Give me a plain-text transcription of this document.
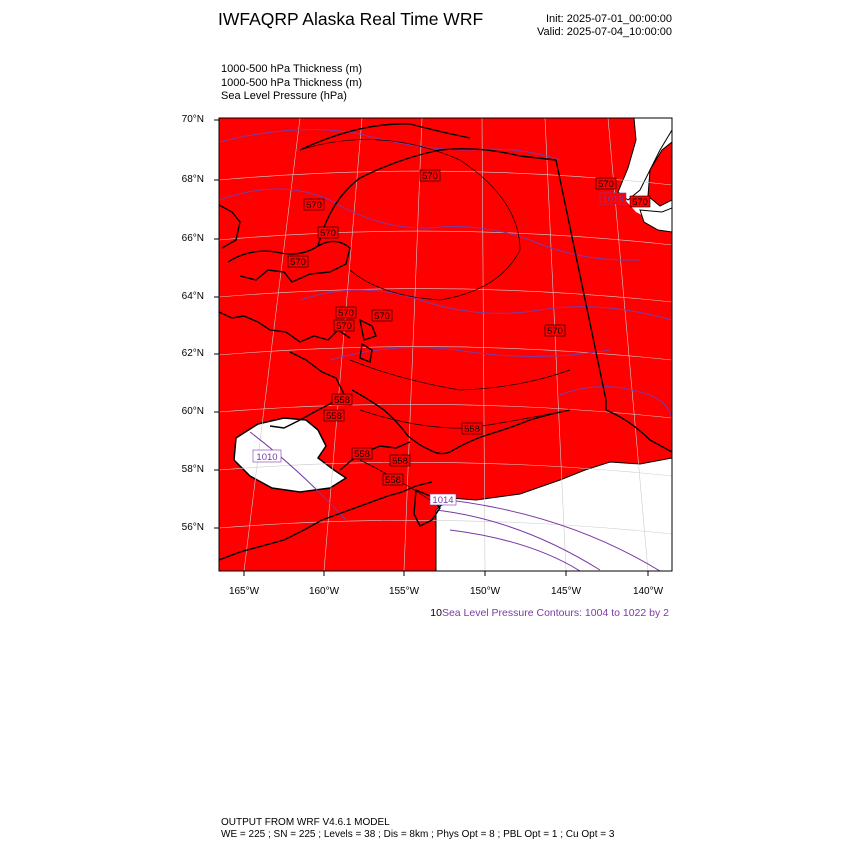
IWFAQRP Alaska Real Time WRF	Init: 2025-07-01_00:00:00
Valid: 2025-07-04_10:00:00
1000-500 hPa Thickness (m)
1000-500 hPa Thickness (m)
Sea Level Pressure (hPa)
570
570
570
570
570 570
570
570
570
570
558
558
558
558
558
558
1010
1014
1018
70°N
68°N
66°N
64°N
62°N
60°N
58°N
56°N
165°W	160°W	155°W	150°W	145°W	140°W
10Sea Level Pressure Contours: 1004 to 1022 by 2
OUTPUT FROM WRF V4.6.1 MODEL
WE = 225 ; SN = 225 ; Levels = 38 ; Dis = 8km ; Phys Opt = 8 ; PBL Opt = 1 ; Cu Opt = 3
